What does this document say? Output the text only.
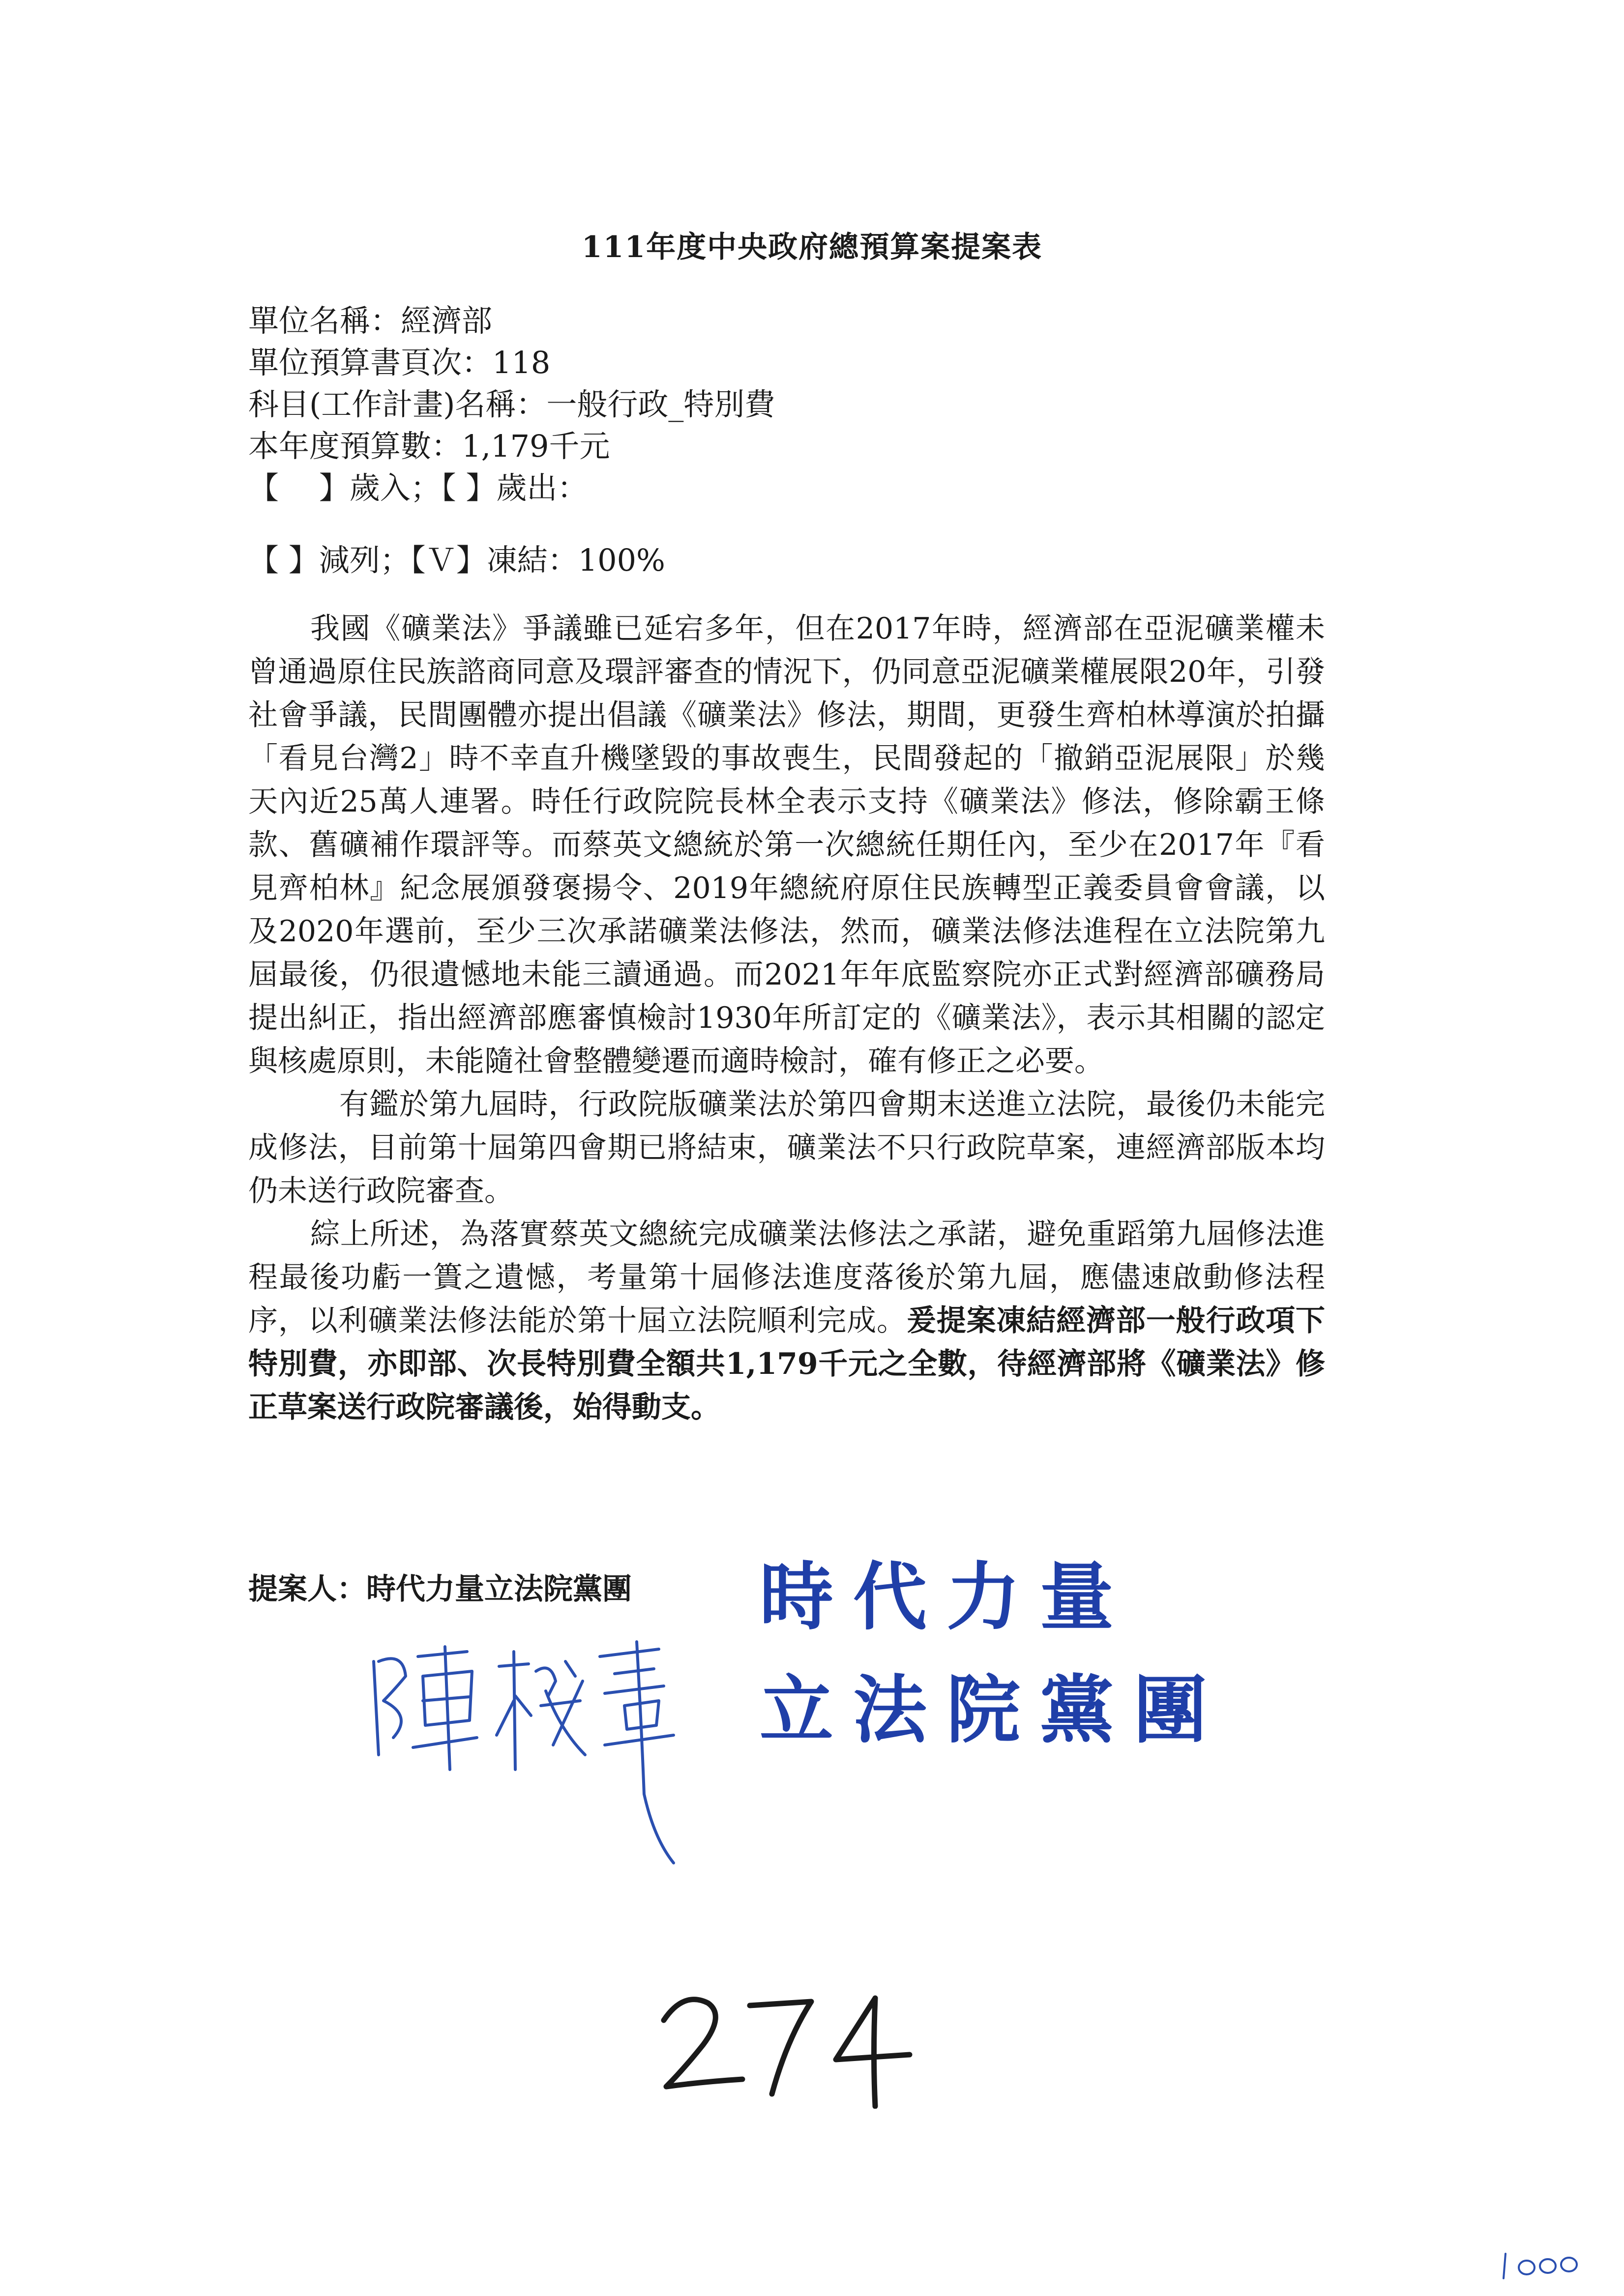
111年度中央政府總預算案提案表
單位名稱：經濟部
單位預算書頁次：118
科目(工作計畫)名稱：一般行政_特別費
本年度預算數：1,179千元
【　 】歲入；【 】歲出：
【 】減列；【Ｖ】凍結：100%

我國《礦業法》爭議雖已延宕多年，但在2017年時，經濟部在亞泥礦業權未曾通過原住民族諮商同意及環評審查的情況下，仍同意亞泥礦業權展限20年，引發社會爭議，民間團體亦提出倡議《礦業法》修法，期間，更發生齊柏林導演於拍攝「看見台灣2」時不幸直升機墜毀的事故喪生，民間發起的「撤銷亞泥展限」於幾天內近25萬人連署。時任行政院院長林全表示支持《礦業法》修法，修除霸王條款、舊礦補作環評等。而蔡英文總統於第一次總統任期任內，至少在2017年『看見齊柏林』紀念展頒發褒揚令、2019年總統府原住民族轉型正義委員會會議，以及2020年選前，至少三次承諾礦業法修法，然而，礦業法修法進程在立法院第九屆最後，仍很遺憾地未能三讀通過。而2021年年底監察院亦正式對經濟部礦務局提出糾正，指出經濟部應審慎檢討1930年所訂定的《礦業法》，表示其相關的認定與核處原則，未能隨社會整體變遷而適時檢討，確有修正之必要。

有鑑於第九屆時，行政院版礦業法於第四會期末送進立法院，最後仍未能完成修法，目前第十屆第四會期已將結束，礦業法不只行政院草案，連經濟部版本均仍未送行政院審查。

綜上所述，為落實蔡英文總統完成礦業法修法之承諾，避免重蹈第九屆修法進程最後功虧一簣之遺憾，考量第十屆修法進度落後於第九屆，應儘速啟動修法程序，以利礦業法修法能於第十屆立法院順利完成。爰提案凍結經濟部一般行政項下特別費，亦即部、次長特別費全額共1,179千元之全數，待經濟部將《礦業法》修正草案送行政院審議後，始得動支。

提案人：時代力量立法院黨團 時代力量
立法院黨團
274
1000
